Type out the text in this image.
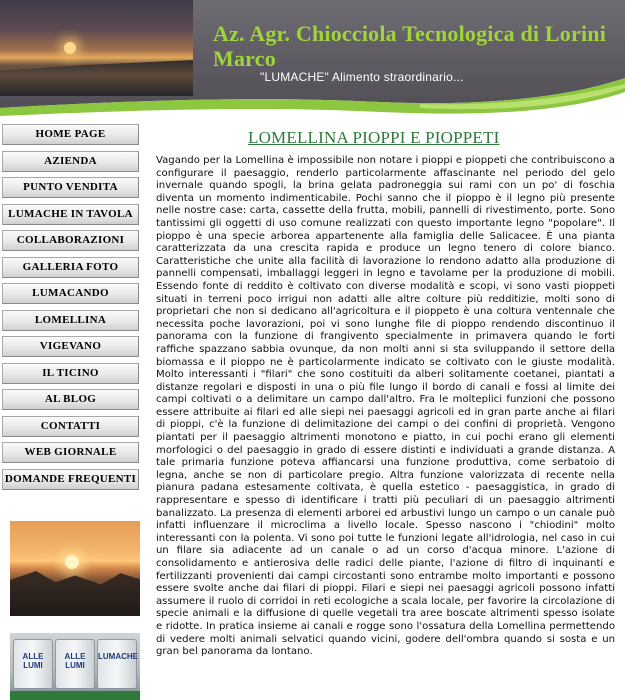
Az. Agr. Chiocciola Tecnologica di Lorini Marco
"LUMACHE" Alimento straordinario...
HOME PAGE
AZIENDA
PUNTO VENDITA
LUMACHE IN TAVOLA
COLLABORAZIONI
GALLERIA FOTO
LUMACANDO
LOMELLINA
VIGEVANO
IL TICINO
AL BLOG
CONTATTI
WEB GIORNALE
DOMANDE FREQUENTI
ALLE LUMI
ALLE LUMI
LUMACHE
LOMELLINA PIOPPI E PIOPPETI

Vagando per la Lomellina è impossibile non notare i pioppi e pioppeti che contribuiscono a configurare il paesaggio, renderlo particolarmente affascinante nel periodo del gelo invernale quando spogli, la brina gelata padroneggia sui rami con un po' di foschia diventa un momento indimenticabile. Pochi sanno che il pioppo è il legno più presente nelle nostre case: carta, cassette della frutta, mobili, pannelli di rivestimento, porte. Sono tantissimi gli oggetti di uso comune realizzati con questo importante legno "popolare". Il pioppo è una specie arborea appartenente alla famiglia delle Salicacee. È una pianta caratterizzata da una crescita rapida e produce un legno tenero di colore bianco. Caratteristiche che unite alla facilità di lavorazione lo rendono adatto alla produzione di pannelli compensati, imballaggi leggeri in legno e tavolame per la produzione di mobili. Essendo fonte di reddito è coltivato con diverse modalità e scopi, vi sono vasti pioppeti situati in terreni poco irrigui non adatti alle altre colture più redditizie, molti sono di proprietari che non si dedicano all'agricoltura e il pioppeto è una coltura ventennale che necessita poche lavorazioni, poi vi sono lunghe file di pioppo rendendo discontinuo il panorama con la funzione di frangivento specialmente in primavera quando le forti raffiche spazzano sabbia ovunque, da non molti anni si sta sviluppando il settore della biomassa e il pioppo ne è particolarmente indicato se coltivato con le giuste modalità. Molto interessanti i "filari" che sono costituiti da alberi solitamente coetanei, piantati a distanze regolari e disposti in una o più file lungo il bordo di canali e fossi al limite dei campi coltivati o a delimitare un campo dall'altro. Fra le molteplici funzioni che possono essere attribuite ai filari ed alle siepi nei paesaggi agricoli ed in gran parte anche ai filari di pioppi, c'è la funzione di delimitazione dei campi o dei confini di proprietà. Vengono piantati per il paesaggio altrimenti monotono e piatto, in cui pochi erano gli elementi morfologici o del paesaggio in grado di essere distinti e individuati a grande distanza. A tale primaria funzione poteva affiancarsi una funzione produttiva, come serbatoio di legna, anche se non di particolare pregio. Altra funzione valorizzata di recente nella pianura padana estesamente coltivata, è quella estetico - paesaggistica, in grado di rappresentare e spesso di identificare i tratti più peculiari di un paesaggio altrimenti banalizzato. La presenza di elementi arborei ed arbustivi lungo un campo o un canale può infatti influenzare il microclima a livello locale. Spesso nascono i "chiodini" molto interessanti con la polenta. Vi sono poi tutte le funzioni legate all'idrologia, nel caso in cui un filare sia adiacente ad un canale o ad un corso d'acqua minore. L'azione di consolidamento e antierosiva delle radici delle piante, l'azione di filtro di inquinanti e fertilizzanti provenienti dai campi circostanti sono entrambe molto importanti e possono essere svolte anche dai filari di pioppi. Filari e siepi nei paesaggi agricoli possono infatti assumere il ruolo di corridoi in reti ecologiche a scala locale, per favorire la circolazione di specie animali e la diffusione di quelle vegetali tra aree boscate altrimenti spesso isolate e ridotte. In pratica insieme ai canali e rogge sono l'ossatura della Lomellina permettendo di vedere molti animali selvatici quando vicini, godere dell'ombra quando si sosta e un gran bel panorama da lontano.
